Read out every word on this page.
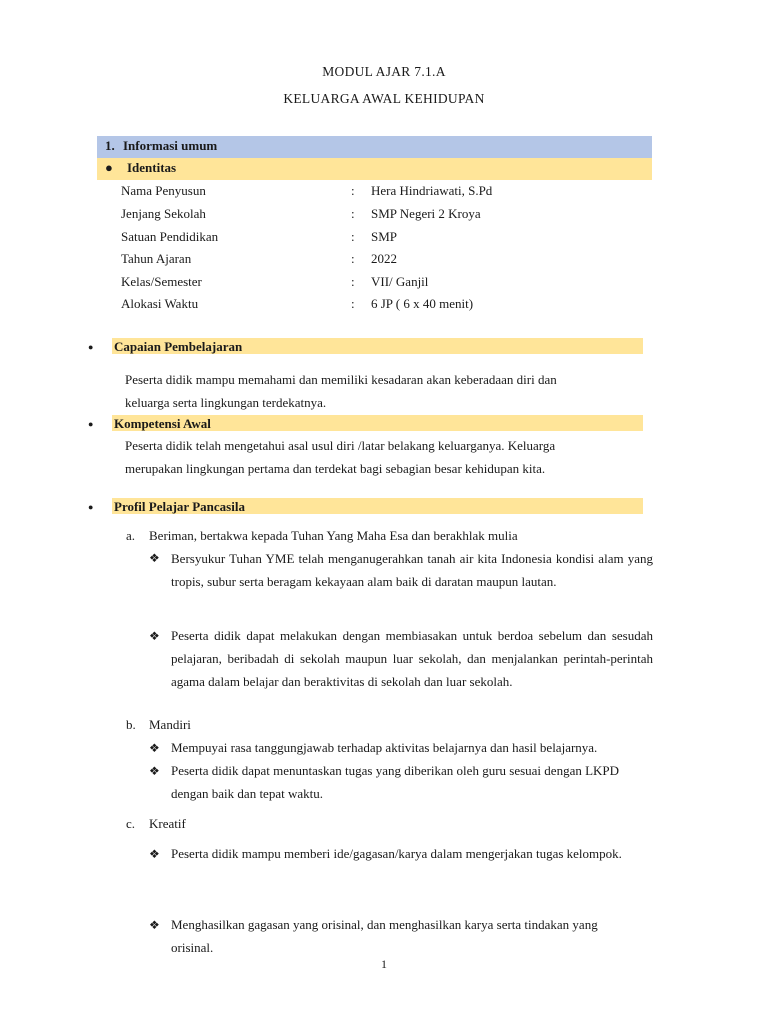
MODUL AJAR 7.1.A
KELUARGA AWAL KEHIDUPAN
1. Informasi umum
● Identitas
Nama Penyusun	: Hera Hindriawati, S.Pd
Jenjang Sekolah	: SMP Negeri 2 Kroya
Satuan Pendidikan	: SMP
Tahun Ajaran	: 2022
Kelas/Semester	: VII/ Ganjil
Alokasi Waktu	: 6 JP ( 6 x 40 menit)
● Capaian Pembelajaran
Peserta didik mampu memahami dan memiliki kesadaran akan keberadaan diri dan
keluarga serta lingkungan terdekatnya.
● Kompetensi Awal
Peserta didik telah mengetahui asal usul diri /latar belakang keluarganya. Keluarga
merupakan lingkungan pertama dan terdekat bagi sebagian besar kehidupan kita.
● Profil Pelajar Pancasila
a. Beriman, bertakwa kepada Tuhan Yang Maha Esa dan berakhlak mulia
❖ Bersyukur Tuhan YME telah menganugerahkan tanah air kita Indonesia kondisi alam yang tropis, subur serta beragam kekayaan alam baik di daratan maupun lautan.
❖ Peserta didik dapat melakukan dengan membiasakan untuk berdoa sebelum dan sesudah pelajaran, beribadah di sekolah maupun luar sekolah, dan menjalankan perintah-perintah agama dalam belajar dan beraktivitas di sekolah dan luar sekolah.
b. Mandiri
❖ Mempuyai rasa tanggungjawab terhadap aktivitas belajarnya dan hasil belajarnya.
❖ Peserta didik dapat menuntaskan tugas yang diberikan oleh guru sesuai dengan LKPD dengan baik dan tepat waktu.
c. Kreatif
❖ Peserta didik mampu memberi ide/gagasan/karya dalam mengerjakan tugas kelompok.
❖ Menghasilkan gagasan yang orisinal, dan menghasilkan karya serta tindakan yang orisinal.
1
